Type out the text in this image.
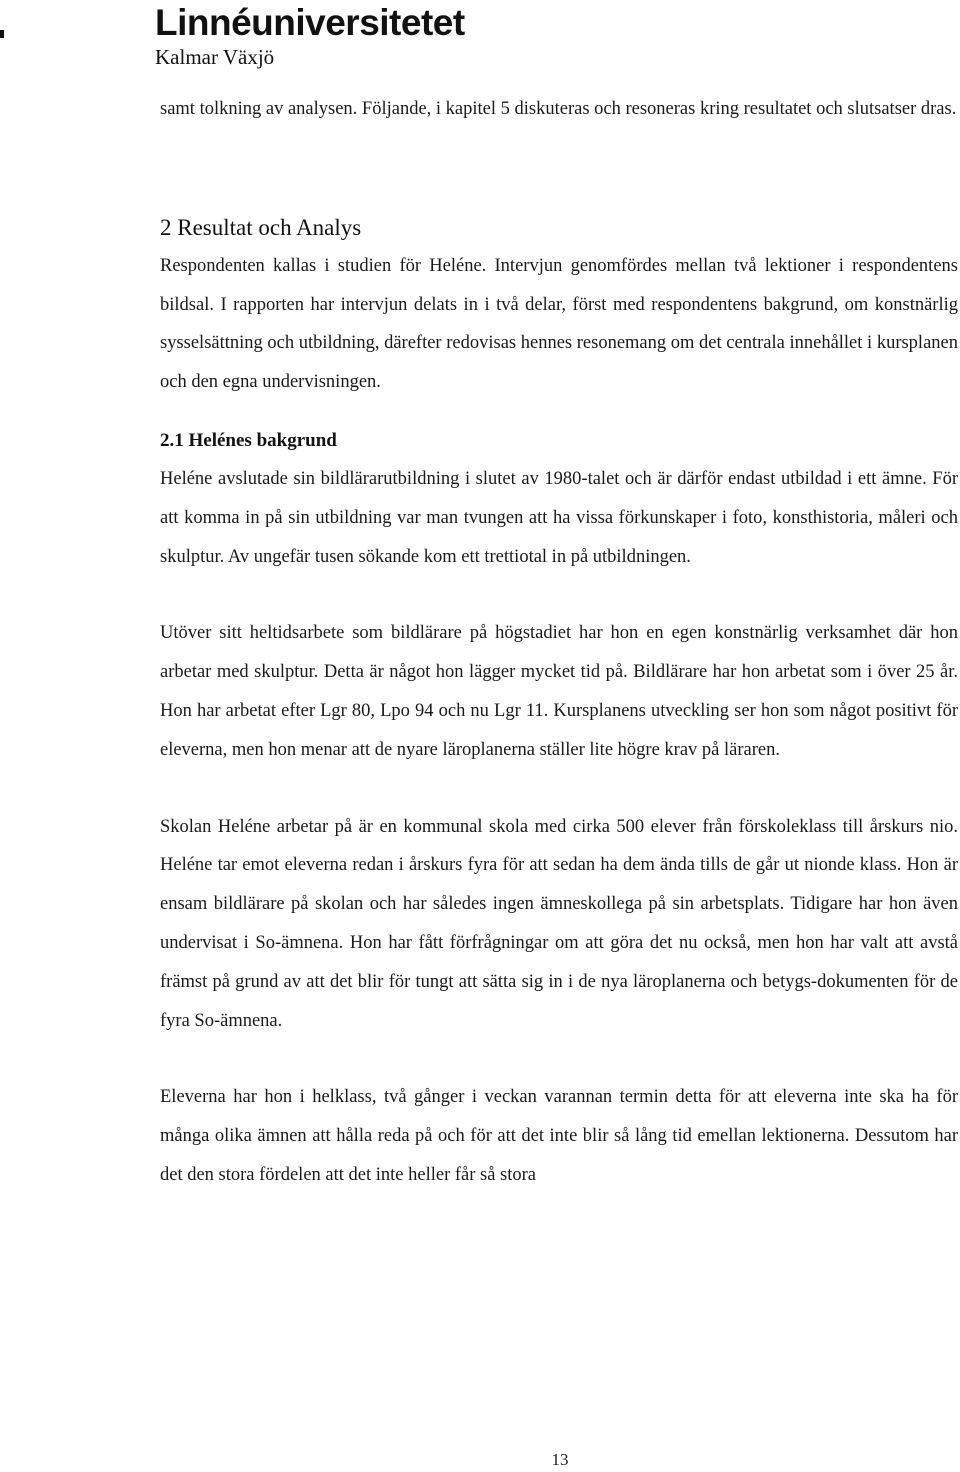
Linnéuniversitetet
Kalmar Växjö

samt tolkning av analysen. Följande, i kapitel 5 diskuteras och resoneras kring resultatet och slutsatser dras.

2 Resultat och Analys

Respondenten kallas i studien för Heléne. Intervjun genomfördes mellan två lektioner i respondentens bildsal. I rapporten har intervjun delats in i två delar, först med respondentens bakgrund, om konstnärlig sysselsättning och utbildning, därefter redovisas hennes resonemang om det centrala innehållet i kursplanen och den egna undervisningen.

2.1 Helénes bakgrund

Heléne avslutade sin bildlärarutbildning i slutet av 1980-talet och är därför endast utbildad i ett ämne. För att komma in på sin utbildning var man tvungen att ha vissa förkunskaper i foto, konsthistoria, måleri och skulptur. Av ungefär tusen sökande kom ett trettiotal in på utbildningen.

Utöver sitt heltidsarbete som bildlärare på högstadiet har hon en egen konstnärlig verksamhet där hon arbetar med skulptur. Detta är något hon lägger mycket tid på. Bildlärare har hon arbetat som i över 25 år. Hon har arbetat efter Lgr 80, Lpo 94 och nu Lgr 11. Kursplanens utveckling ser hon som något positivt för eleverna, men hon menar att de nyare läroplanerna ställer lite högre krav på läraren.

Skolan Heléne arbetar på är en kommunal skola med cirka 500 elever från förskoleklass till årskurs nio. Heléne tar emot eleverna redan i årskurs fyra för att sedan ha dem ända tills de går ut nionde klass. Hon är ensam bildlärare på skolan och har således ingen ämneskollega på sin arbetsplats. Tidigare har hon även undervisat i So-ämnena. Hon har fått förfrågningar om att göra det nu också, men hon har valt att avstå främst på grund av att det blir för tungt att sätta sig in i de nya läroplanerna och betygs-dokumenten för de fyra So-ämnena.

Eleverna har hon i helklass, två gånger i veckan varannan termin detta för att eleverna inte ska ha för många olika ämnen att hålla reda på och för att det inte blir så lång tid emellan lektionerna. Dessutom har det den stora fördelen att det inte heller får så stora

13
